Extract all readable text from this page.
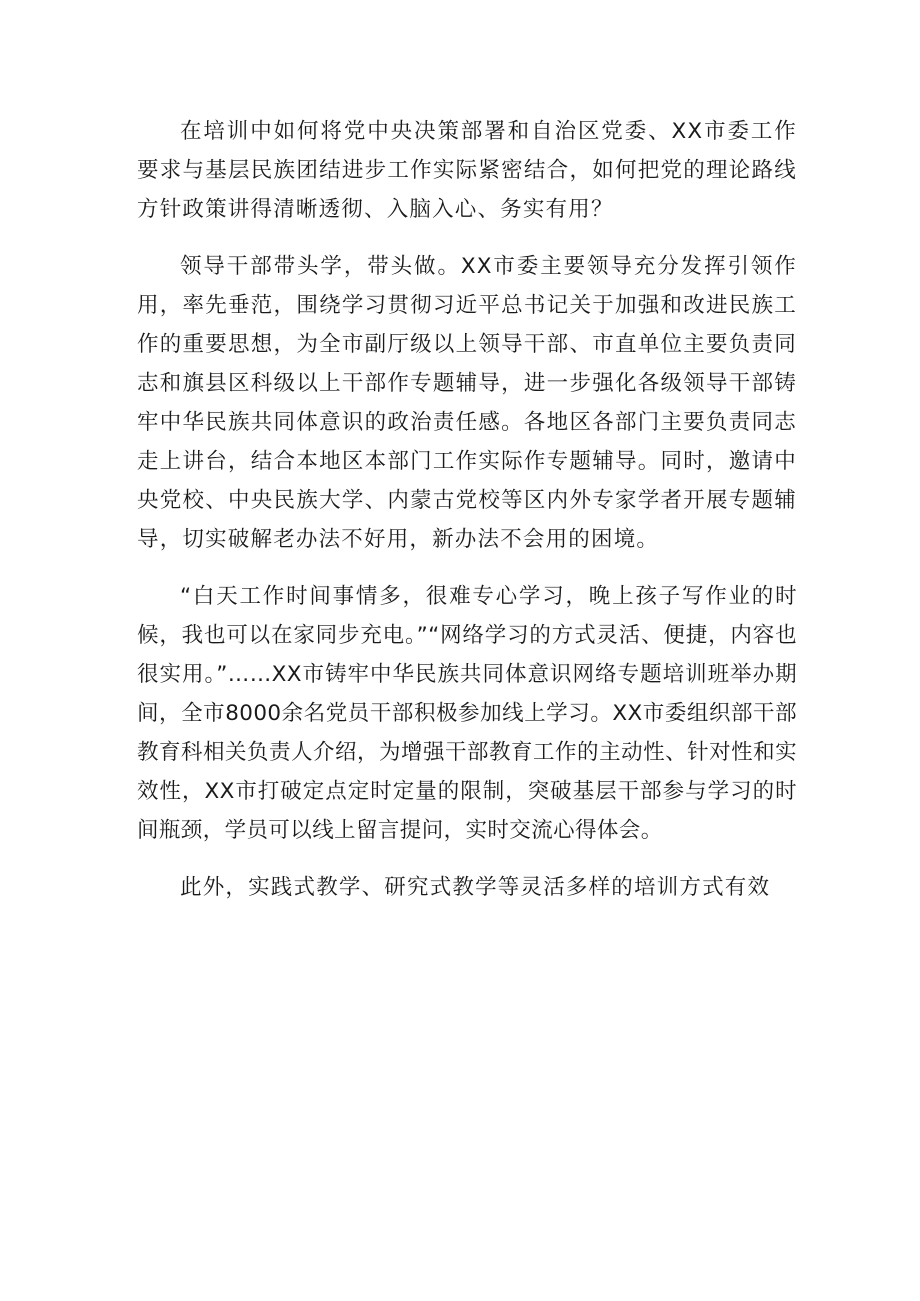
在培训中如何将党中央决策部署和自治区党委、XX市委工作要求与基层民族团结进步工作实际紧密结合，如何把党的理论路线方针政策讲得清晰透彻、入脑入心、务实有用？

领导干部带头学，带头做。XX市委主要领导充分发挥引领作用，率先垂范，围绕学习贯彻习近平总书记关于加强和改进民族工作的重要思想，为全市副厅级以上领导干部、市直单位主要负责同志和旗县区科级以上干部作专题辅导，进一步强化各级领导干部铸牢中华民族共同体意识的政治责任感。各地区各部门主要负责同志走上讲台，结合本地区本部门工作实际作专题辅导。同时，邀请中央党校、中央民族大学、内蒙古党校等区内外专家学者开展专题辅导，切实破解老办法不好用，新办法不会用的困境。

“白天工作时间事情多，很难专心学习，晚上孩子写作业的时候，我也可以在家同步充电。”“网络学习的方式灵活、便捷，内容也很实用。”……XX市铸牢中华民族共同体意识网络专题培训班举办期间，全市8000余名党员干部积极参加线上学习。XX市委组织部干部教育科相关负责人介绍，为增强干部教育工作的主动性、针对性和实效性，XX市打破定点定时定量的限制，突破基层干部参与学习的时间瓶颈，学员可以线上留言提问，实时交流心得体会。

此外，实践式教学、研究式教学等灵活多样的培训方式有效
